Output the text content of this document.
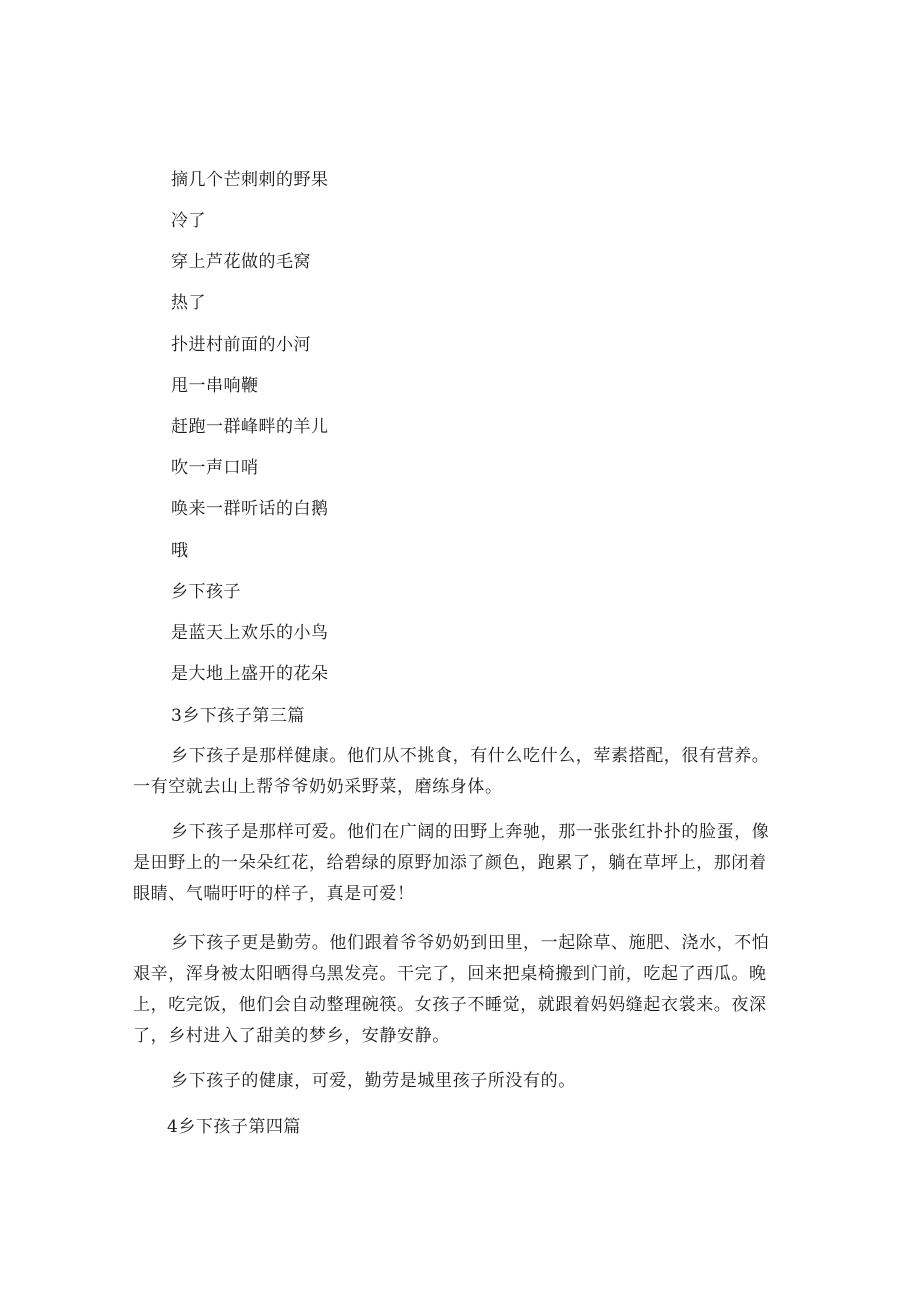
摘几个芒刺刺的野果
冷了
穿上芦花做的毛窝
热了
扑进村前面的小河
甩一串响鞭
赶跑一群峰畔的羊儿
吹一声口哨
唤来一群听话的白鹅
哦
乡下孩子
是蓝天上欢乐的小鸟
是大地上盛开的花朵
3乡下孩子第三篇

乡下孩子是那样健康。他们从不挑食，有什么吃什么，荤素搭配，很有营养。一有空就去山上帮爷爷奶奶采野菜，磨练身体。

乡下孩子是那样可爱。他们在广阔的田野上奔驰，那一张张红扑扑的脸蛋，像是田野上的一朵朵红花，给碧绿的原野加添了颜色，跑累了，躺在草坪上，那闭着眼睛、气喘吁吁的样子，真是可爱！

乡下孩子更是勤劳。他们跟着爷爷奶奶到田里，一起除草、施肥、浇水，不怕艰辛，浑身被太阳晒得乌黑发亮。干完了，回来把桌椅搬到门前，吃起了西瓜。晚上，吃完饭，他们会自动整理碗筷。女孩子不睡觉，就跟着妈妈缝起衣裳来。夜深了，乡村进入了甜美的梦乡，安静安静。

乡下孩子的健康，可爱，勤劳是城里孩子所没有的。

4乡下孩子第四篇
